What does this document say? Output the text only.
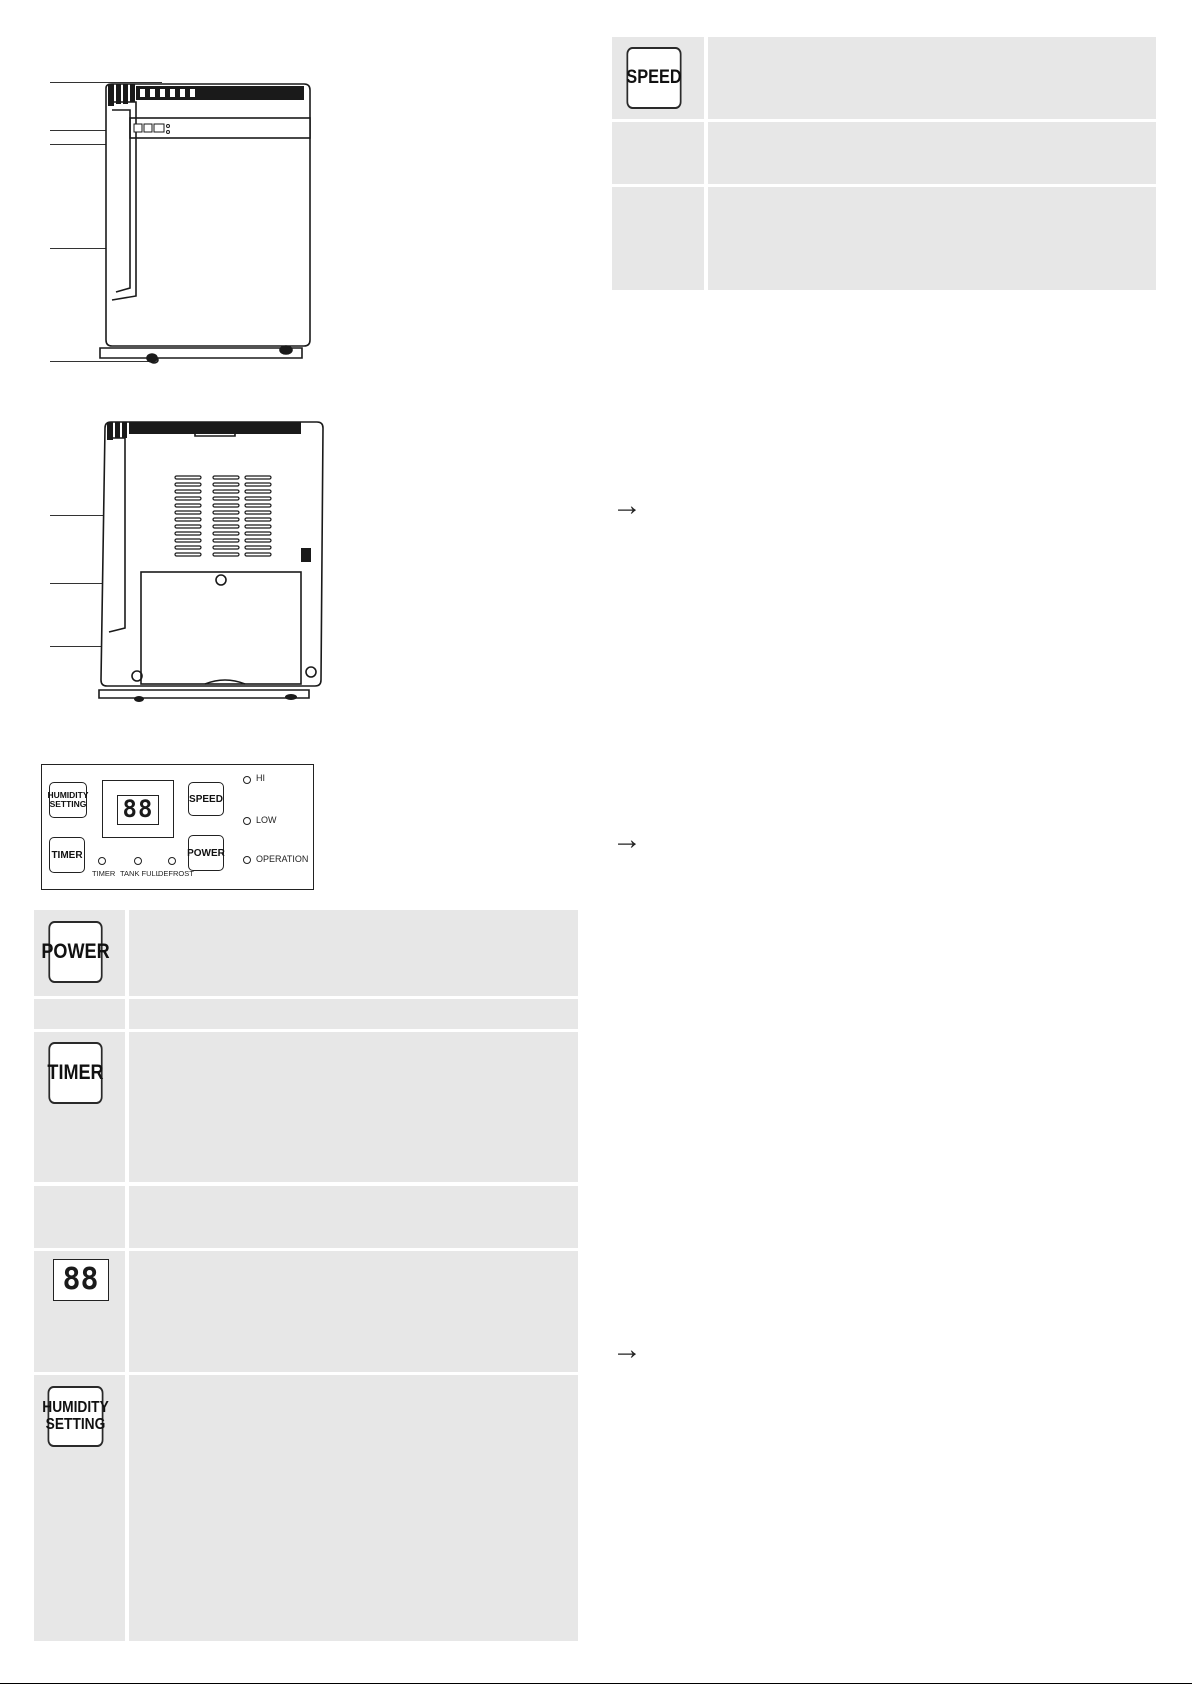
HUMIDITY
SETTING 88	SPEED
TIMER	POWER
HI
LOW
OPERATION
TIMER TANK FULL
DEFROST
POWER
TIMER
88
HUMIDITY
SETTING
SPEED
→
→
→
